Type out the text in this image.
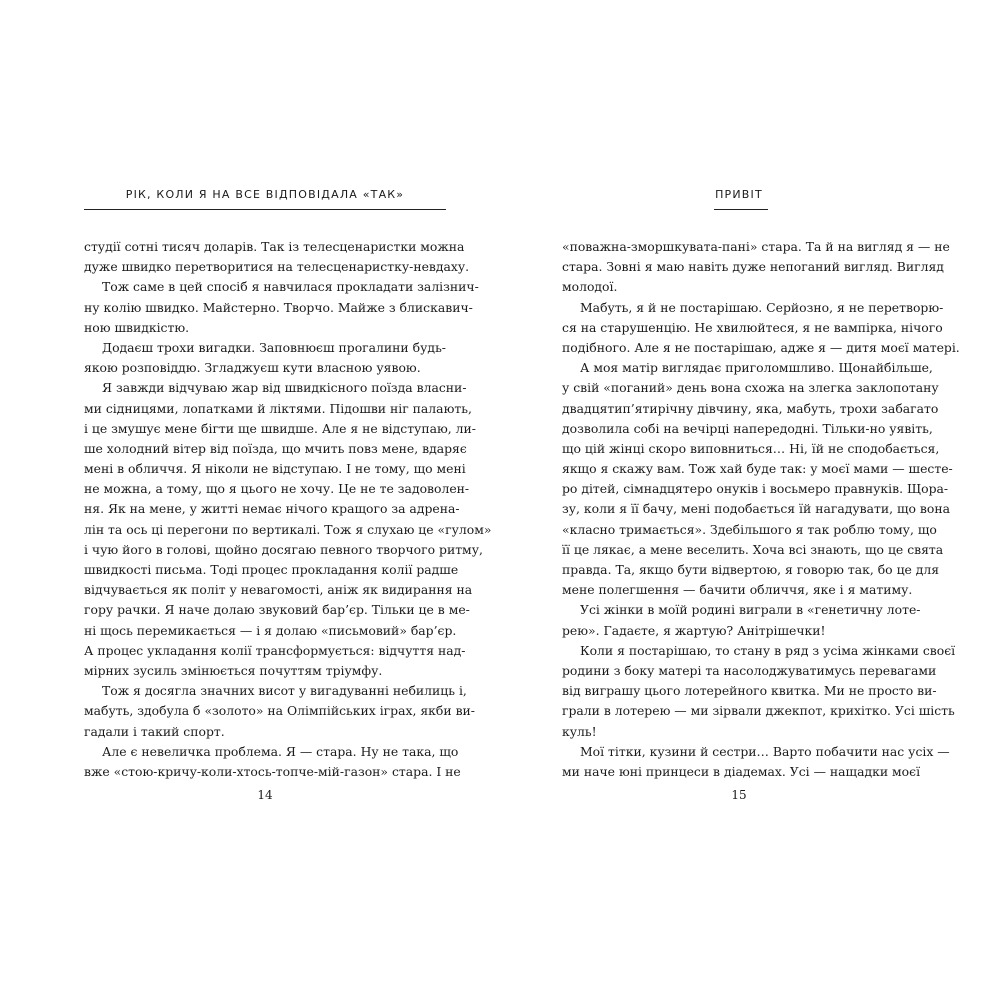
РІК, КОЛИ Я НА ВСЕ ВІДПОВІДАЛА «ТАК»
студії сотні тисяч доларів. Так із телесценаристки можна
дуже швидко перетворитися на телесценаристку-невдаху.
Тож саме в цей спосіб я навчилася прокладати залізнич-
ну колію швидко. Майстерно. Творчо. Майже з блискавич-
ною швидкістю.
Додаєш трохи вигадки. Заповнюєш прогалини будь-
якою розповіддю. Згладжуєш кути власною уявою.
Я завжди відчуваю жар від швидкісного поїзда власни-
ми сідницями, лопатками й ліктями. Підошви ніг палають,
і це змушує мене бігти ще швидше. Але я не відступаю, ли-
ше холодний вітер від поїзда, що мчить повз мене, вдаряє
мені в обличчя. Я ніколи не відступаю. І не тому, що мені
не можна, а тому, що я цього не хочу. Це не те задоволен-
ня. Як на мене, у житті немає нічого кращого за адрена-
лін та ось ці перегони по вертикалі. Тож я слухаю це «гулом»
і чую його в голові, щойно досягаю певного творчого ритму,
швидкості письма. Тоді процес прокладання колії радше
відчувається як політ у невагомості, аніж як видирання на
гору рачки. Я наче долаю звуковий бар’єр. Тільки це в ме-
ні щось перемикається — і я долаю «письмовий» бар’єр.
А процес укладання колії трансформується: відчуття над-
мірних зусиль змінюється почуттям тріумфу.
Тож я досягла значних висот у вигадуванні небилиць і,
мабуть, здобула б «золото» на Олімпійських іграх, якби ви-
гадали і такий спорт.
Але є невеличка проблема. Я — стара. Ну не така, що
вже «стою-кричу-коли-хтось-топче-мій-газон» стара. І не
14
ПРИВІТ
«поважна-зморшкувата-пані» стара. Та й на вигляд я — не
стара. Зовні я маю навіть дуже непоганий вигляд. Вигляд
молодої.
Мабуть, я й не постарішаю. Серйозно, я не перетворю-
ся на старушенцію. Не хвилюйтеся, я не вампірка, нічого
подібного. Але я не постарішаю, адже я — дитя моєї матері.
А моя матір виглядає приголомшливо. Щонайбільше,
у свій «поганий» день вона схожа на злегка заклопотану
двадцятип’ятирічну дівчину, яка, мабуть, трохи забагато
дозволила собі на вечірці напередодні. Тільки-но уявіть,
що цій жінці скоро виповниться… Ні, їй не сподобається,
якщо я скажу вам. Тож хай буде так: у моєї мами — шесте-
ро дітей, сімнадцятеро онуків і восьмеро правнуків. Щора-
зу, коли я її бачу, мені подобається їй нагадувати, що вона
«класно тримається». Здебільшого я так роблю тому, що
її це лякає, а мене веселить. Хоча всі знають, що це свята
правда. Та, якщо бути відвертою, я говорю так, бо це для
мене полегшення — бачити обличчя, яке і я матиму.
Усі жінки в моїй родині виграли в «генетичну лоте-
рею». Гадаєте, я жартую? Анітрішечки!
Коли я постарішаю, то стану в ряд з усіма жінками своєї
родини з боку матері та насолоджуватимусь перевагами
від виграшу цього лотерейного квитка. Ми не просто ви-
грали в лотерею — ми зірвали джекпот, крихітко. Усі шість
куль!
Мої тітки, кузини й сестри… Варто побачити нас усіх —
ми наче юні принцеси в діадемах. Усі — нащадки моєї
15
